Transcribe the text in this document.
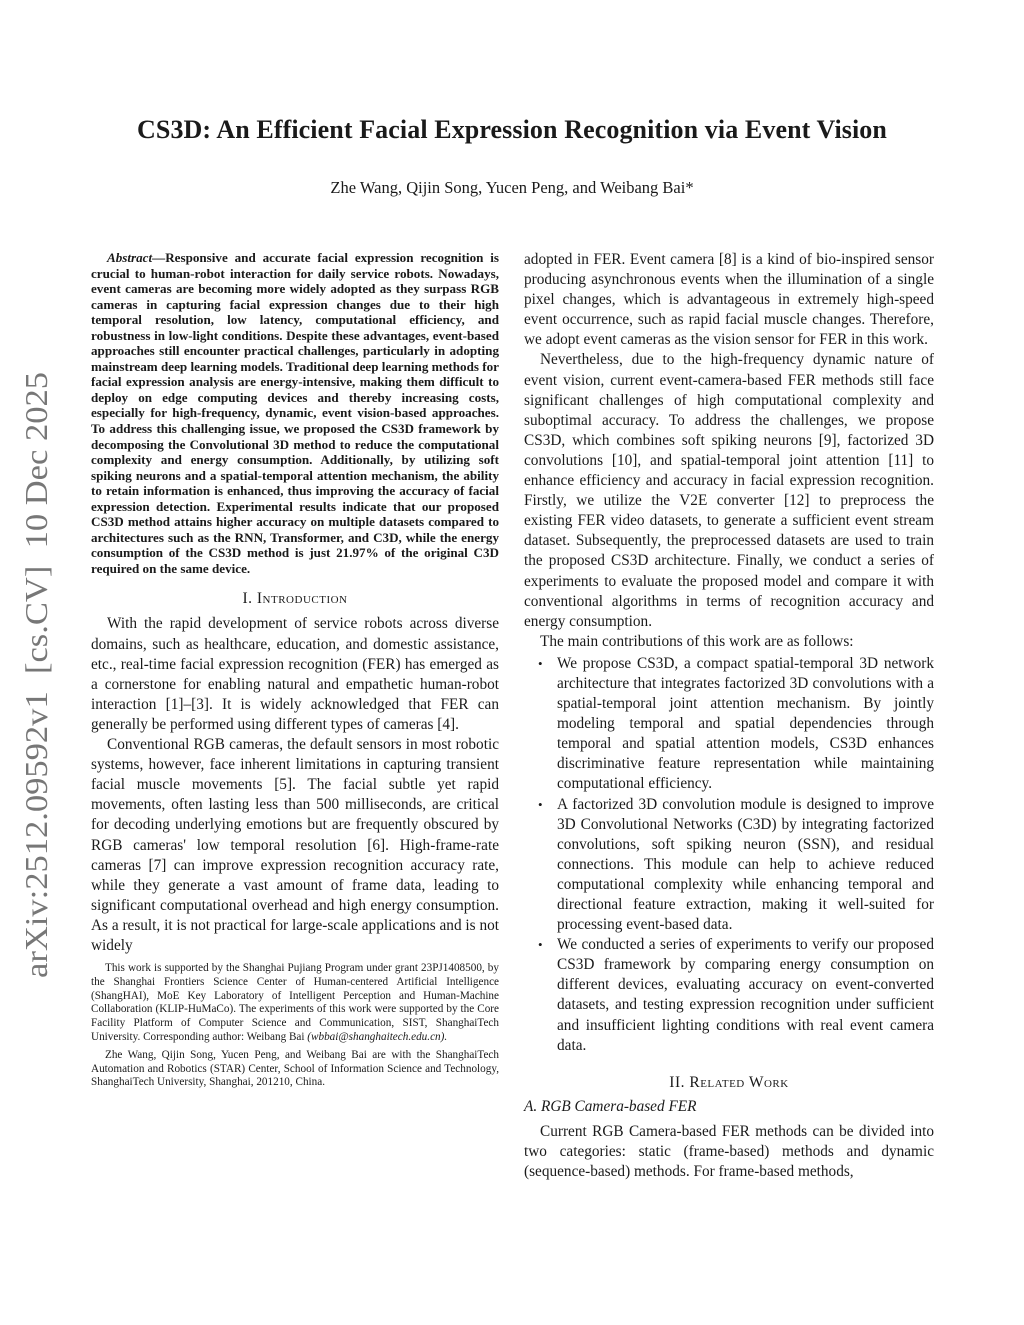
arXiv:2512.09592v1  [cs.CV]  10 Dec 2025
CS3D: An Efficient Facial Expression Recognition via Event Vision
Zhe Wang, Qijin Song, Yucen Peng, and Weibang Bai*

Abstract—Responsive and accurate facial expression recognition is crucial to human-robot interaction for daily service robots. Nowadays, event cameras are becoming more widely adopted as they surpass RGB cameras in capturing facial expression changes due to their high temporal resolution, low latency, computational efficiency, and robustness in low-light conditions. Despite these advantages, event-based approaches still encounter practical challenges, particularly in adopting mainstream deep learning models. Traditional deep learning methods for facial expression analysis are energy-intensive, making them difficult to deploy on edge computing devices and thereby increasing costs, especially for high-frequency, dynamic, event vision-based approaches. To address this challenging issue, we proposed the CS3D framework by decomposing the Convolutional 3D method to reduce the computational complexity and energy consumption. Additionally, by utilizing soft spiking neurons and a spatial-temporal attention mechanism, the ability to retain information is enhanced, thus improving the accuracy of facial expression detection. Experimental results indicate that our proposed CS3D method attains higher accuracy on multiple datasets compared to architectures such as the RNN, Transformer, and C3D, while the energy consumption of the CS3D method is just 21.97% of the original C3D required on the same device.

I. Introduction

With the rapid development of service robots across diverse domains, such as healthcare, education, and domestic assistance, etc., real-time facial expression recognition (FER) has emerged as a cornerstone for enabling natural and empathetic human-robot interaction [1]–[3]. It is widely acknowledged that FER can generally be performed using different types of cameras [4].

Conventional RGB cameras, the default sensors in most robotic systems, however, face inherent limitations in capturing transient facial muscle movements [5]. The facial subtle yet rapid movements, often lasting less than 500 milliseconds, are critical for decoding underlying emotions but are frequently obscured by RGB cameras' low temporal resolution [6]. High-frame-rate cameras [7] can improve expression recognition accuracy rate, while they generate a vast amount of frame data, leading to significant computational overhead and high energy consumption. As a result, it is not practical for large-scale applications and is not widely

This work is supported by the Shanghai Pujiang Program under grant 23PJ1408500, by the Shanghai Frontiers Science Center of Human-centered Artificial Intelligence (ShangHAI), MoE Key Laboratory of Intelligent Perception and Human-Machine Collaboration (KLIP-HuMaCo). The experiments of this work were supported by the Core Facility Platform of Computer Science and Communication, SIST, ShanghaiTech University. Corresponding author: Weibang Bai (wbbai@shanghaitech.edu.cn).

Zhe Wang, Qijin Song, Yucen Peng, and Weibang Bai are with the ShanghaiTech Automation and Robotics (STAR) Center, School of Information Science and Technology, ShanghaiTech University, Shanghai, 201210, China.

adopted in FER. Event camera [8] is a kind of bio-inspired sensor producing asynchronous events when the illumination of a single pixel changes, which is advantageous in extremely high-speed event occurrence, such as rapid facial muscle changes. Therefore, we adopt event cameras as the vision sensor for FER in this work.

Nevertheless, due to the high-frequency dynamic nature of event vision, current event-camera-based FER methods still face significant challenges of high computational complexity and suboptimal accuracy. To address the challenges, we propose CS3D, which combines soft spiking neurons [9], factorized 3D convolutions [10], and spatial-temporal joint attention [11] to enhance efficiency and accuracy in facial expression recognition. Firstly, we utilize the V2E converter [12] to preprocess the existing FER video datasets, to generate a sufficient event stream dataset. Subsequently, the preprocessed datasets are used to train the proposed CS3D architecture. Finally, we conduct a series of experiments to evaluate the proposed model and compare it with conventional algorithms in terms of recognition accuracy and energy consumption.

The main contributions of this work are as follows:

• We propose CS3D, a compact spatial-temporal 3D network architecture that integrates factorized 3D convolutions with a spatial-temporal joint attention mechanism. By jointly modeling temporal and spatial dependencies through temporal and spatial attention models, CS3D enhances discriminative feature representation while maintaining computational efficiency.
• A factorized 3D convolution module is designed to improve 3D Convolutional Networks (C3D) by integrating factorized convolutions, soft spiking neuron (SSN), and residual connections. This module can help to achieve reduced computational complexity while enhancing temporal and directional feature extraction, making it well-suited for processing event-based data.
• We conducted a series of experiments to verify our proposed CS3D framework by comparing energy consumption on different devices, evaluating accuracy on event-converted datasets, and testing expression recognition under sufficient and insufficient lighting conditions with real event camera data.
II. Related Work
A. RGB Camera-based FER

Current RGB Camera-based FER methods can be divided into two categories: static (frame-based) methods and dynamic (sequence-based) methods. For frame-based methods,
